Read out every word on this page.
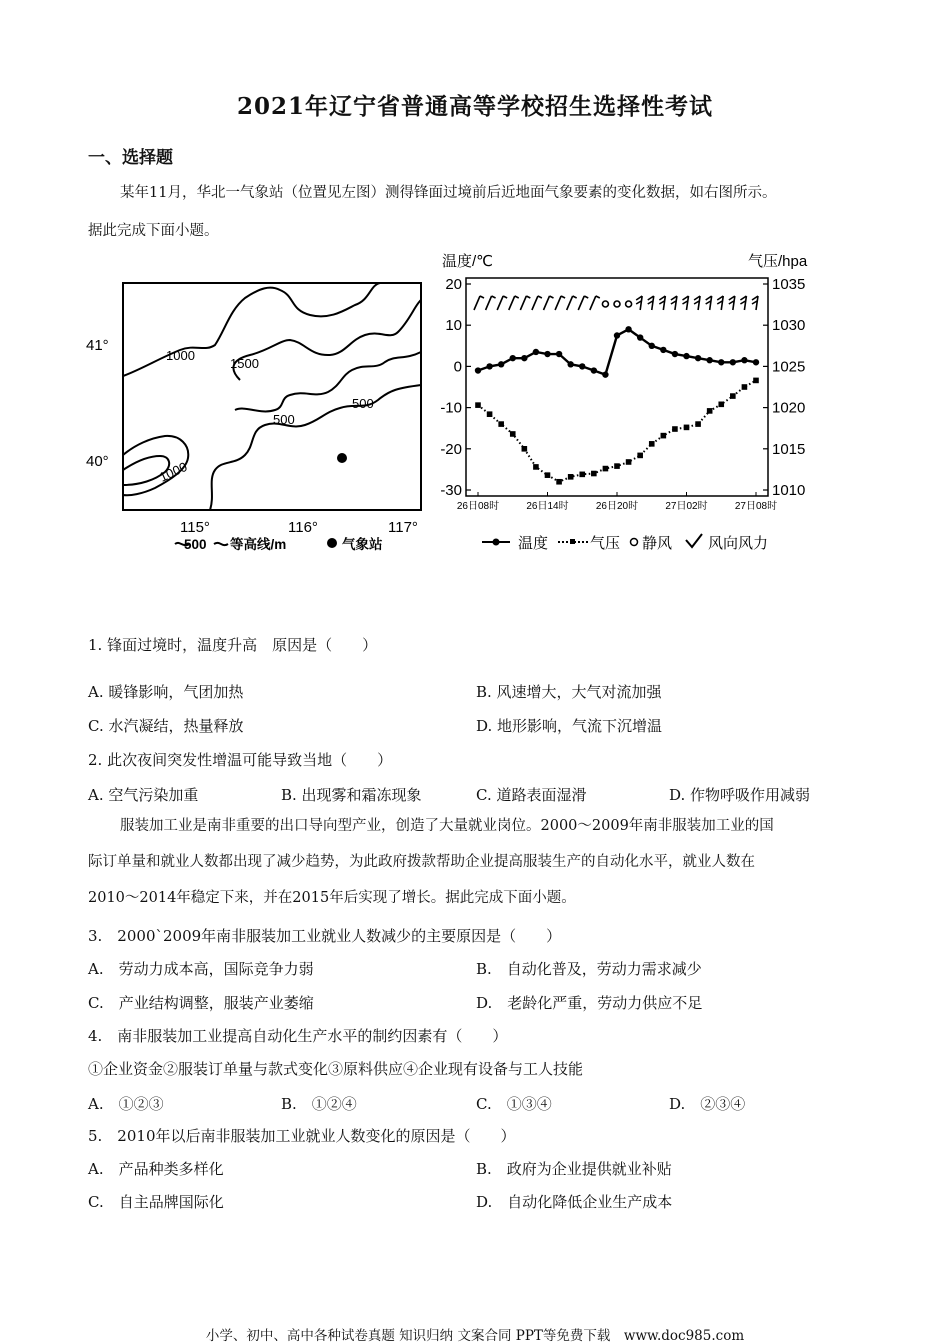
2021年辽宁省普通高等学校招生选择性考试
一、选择题
某年11月，华北一气象站（位置见左图）测得锋面过境前后近地面气象要素的变化数据，如右图所示。
据此完成下面小题。
1000
1500
500
500
1000
41°
40°
115°	116°	117°
500 等高线/m	气象站
温度/℃	气压/hpa
20
10
0
-10
-20
-30
1035
1030
1025
1020
1015
1010
26日08时	26日14时	26日20时	27日02时	27日08时
温度	气压 静风 风向风力
1. 锋面过境时，温度升高　原因是（　　）
A. 暖锋影响，气团加热	B. 风速增大，大气对流加强
C. 水汽凝结，热量释放	D. 地形影响，气流下沉增温
2. 此次夜间突发性增温可能导致当地（　　）
A. 空气污染加重	B. 出现雾和霜冻现象	C. 道路表面湿滑	D. 作物呼吸作用减弱
服装加工业是南非重要的出口导向型产业，创造了大量就业岗位。2000～2009年南非服装加工业的国
际订单量和就业人数都出现了减少趋势，为此政府拨款帮助企业提高服装生产的自动化水平，就业人数在
2010～2014年稳定下来，并在2015年后实现了增长。据此完成下面小题。
3.　2000`2009年南非服装加工业就业人数减少的主要原因是（　　）
A.　劳动力成本高，国际竞争力弱	B.　自动化普及，劳动力需求减少
C.　产业结构调整，服装产业萎缩	D.　老龄化严重，劳动力供应不足
4.　南非服装加工业提高自动化生产水平的制约因素有（　　）
①企业资金②服装订单量与款式变化③原料供应④企业现有设备与工人技能
A.　①②③	B.　①②④	C.　①③④	D.　②③④
5.　2010年以后南非服装加工业就业人数变化的原因是（　　）
A.　产品种类多样化	B.　政府为企业提供就业补贴
C.　自主品牌国际化	D.　自动化降低企业生产成本
小学、初中、高中各种试卷真题 知识归纳 文案合同 PPT等免费下载　www.doc985.com
